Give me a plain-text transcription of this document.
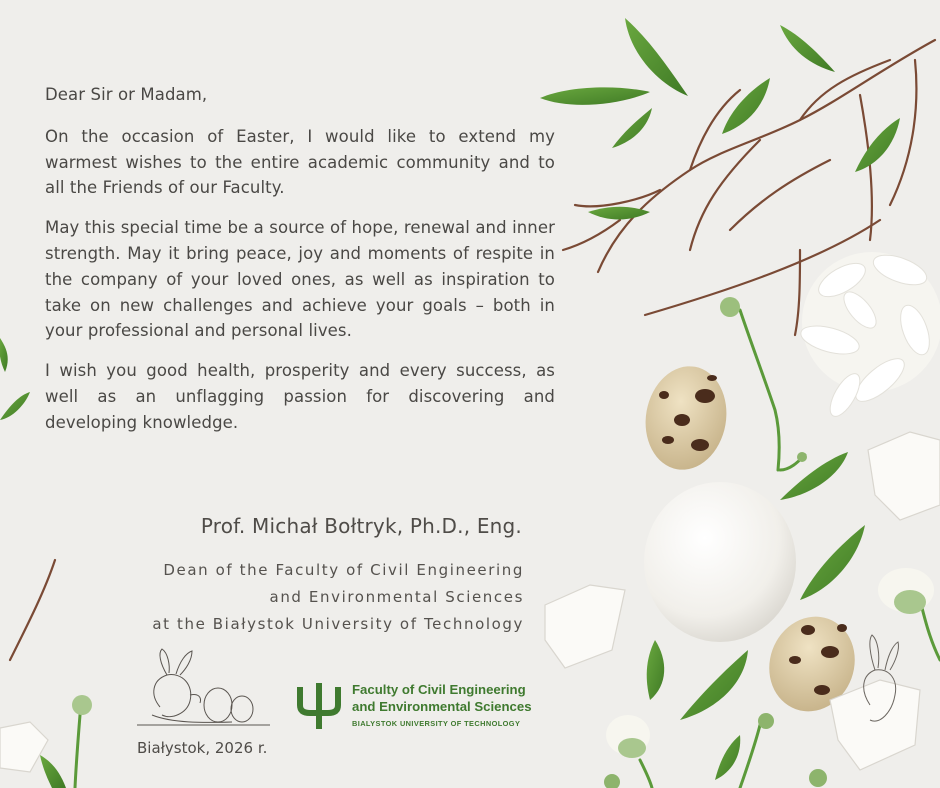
Dear Sir or Madam,

On the occasion of Easter, I would like to extend my warmest wishes to the entire academic community and to all the Friends of our Faculty.

May this special time be a source of hope, renewal and inner strength. May it bring peace, joy and moments of respite in the company of your loved ones, as well as inspiration to take on new challenges and achieve your goals – both in your professional and personal lives.

I wish you good health, prosperity and every success, as well as an unflagging passion for discovering and developing knowledge.

Prof. Michał Bołtryk, Ph.D., Eng.
Dean of the Faculty of Civil Engineering
and Environmental Sciences
at the Białystok University of Technology
Białystok, 2026 r.
Faculty of Civil Engineering
and Environmental Sciences
BIALYSTOK UNIVERSITY OF TECHNOLOGY
